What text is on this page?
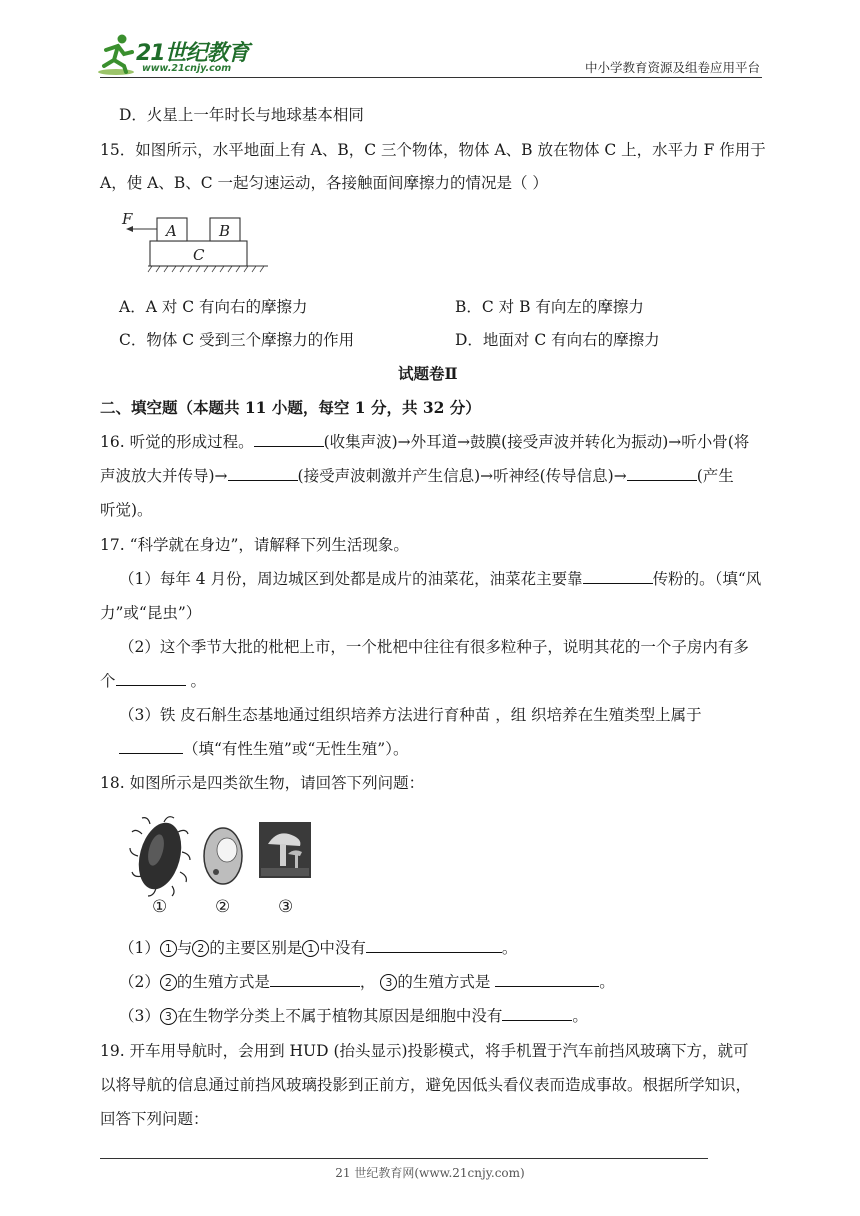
21世纪教育
www.21cnjy.com	中小学教育资源及组卷应用平台
D．火星上一年时长与地球基本相同
15．如图所示，水平地面上有 A、B，C 三个物体，物体 A、B 放在物体 C 上，水平力 F 作用于
A，使 A、B、C 一起匀速运动，各接触面间摩擦力的情况是（ ）
F
A	B
C
A．A 对 C 有向右的摩擦力	B．C 对 B 有向左的摩擦力
C．物体 C 受到三个摩擦力的作用	D．地面对 C 有向右的摩擦力
试题卷Ⅱ
二、填空题（本题共 11 小题，每空 1 分，共 32 分）
16. 听觉的形成过程。	(收集声波)→外耳道→鼓膜(接受声波并转化为振动)→听小骨(将
声波放大并传导)→	(接受声波刺激并产生信息)→听神经(传导信息)→	(产生
听觉)。
17. “科学就在身边”，请解释下列生活现象。
（1）每年 4 月份，周边城区到处都是成片的油菜花，油菜花主要靠	传粉的。（填“风
力”或“昆虫”）
（2）这个季节大批的枇杷上市，一个枇杷中往往有很多粒种子，说明其花的一个子房内有多
个	。
（3）铁 皮石斛生态基地通过组织培养方法进行育种苗 ，组 织培养在生殖类型上属于
（填“有性生殖”或“无性生殖”）。
18. 如图所示是四类欲生物，请回答下列问题：
①	②	③
（1） 1 与 2 的主要区别是 1 中没有	。
（2） 2 的生殖方式是	， 3 的生殖方式是	。
（3） 3 在生物学分类上不属于植物其原因是细胞中没有	。
19. 开车用导航时，会用到 HUD (抬头显示)投影模式，将手机置于汽车前挡风玻璃下方，就可
以将导航的信息通过前挡风玻璃投影到正前方，避免因低头看仪表而造成事故。根据所学知识，
回答下列问题：
21 世纪教育网(www.21cnjy.com)
